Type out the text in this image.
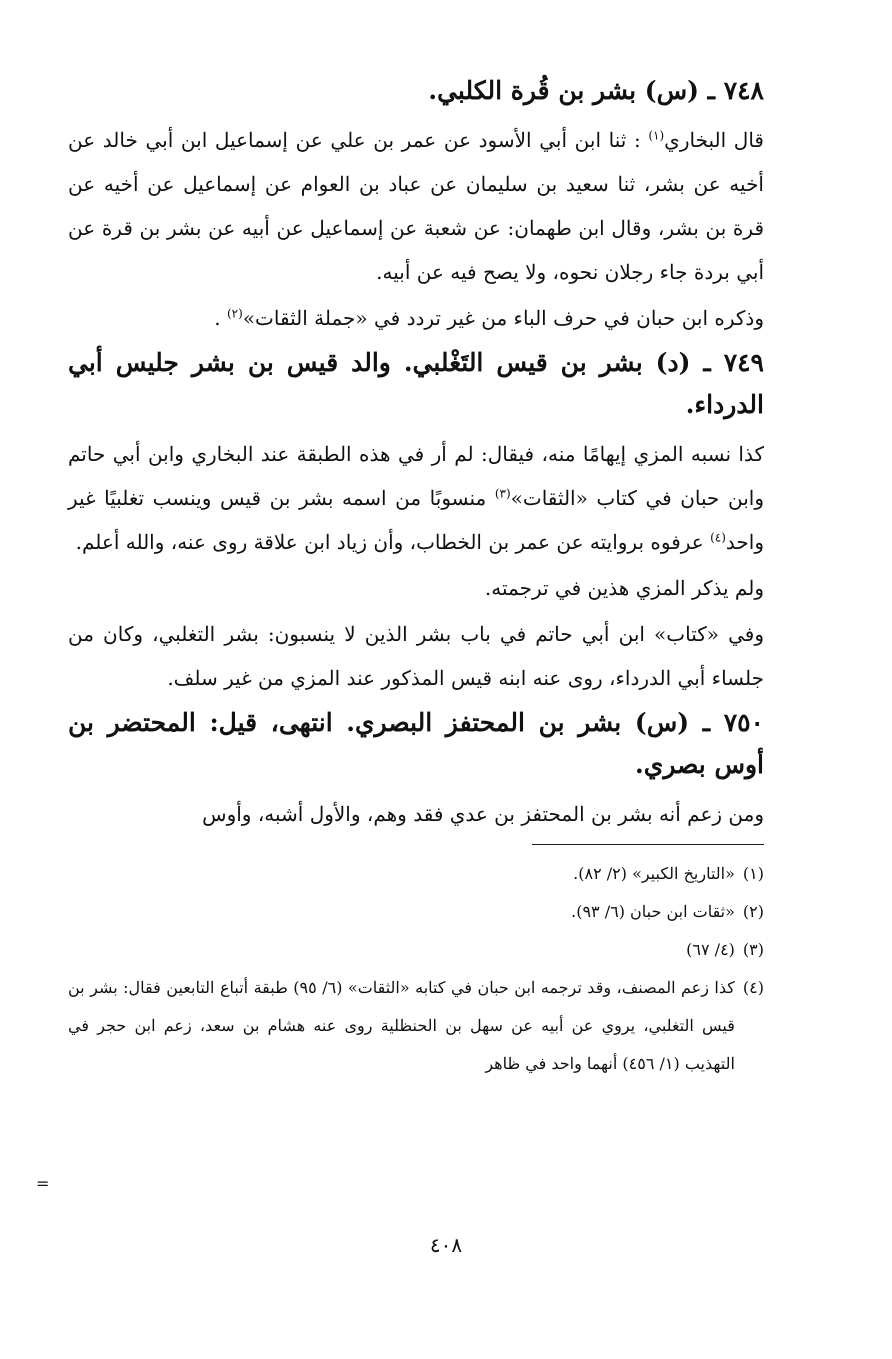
٧٤٨ ـ (س) بشر بن قُرة الكلبي.

قال البخاري$^{(١)}$ : ثنا ابن أبي الأسود عن عمر بن علي عن إسماعيل ابن أبي خالد عن أخيه عن بشر، ثنا سعيد بن سليمان عن عباد بن العوام عن إسماعيل عن أخيه عن قرة بن بشر، وقال ابن طهمان: عن شعبة عن إسماعيل عن أبيه عن بشر بن قرة عن أبي بردة جاء رجلان نحوه، ولا يصح فيه عن أبيه.

وذكره ابن حبان في حرف الباء من غير تردد في «جملة الثقات»$^{(٢)}$ .

٧٤٩ ـ (د) بشر بن قيس التَغْلبي. والد قيس بن بشر جليس أبي الدرداء.

كذا نسبه المزي إيهامًا منه، فيقال: لم أر في هذه الطبقة عند البخاري وابن أبي حاتم وابن حبان في كتاب «الثقات»$^{(٣)}$ منسوبًا من اسمه بشر بن قيس وينسب تغلبيًا غير واحد$^{(٤)}$ عرفوه بروايته عن عمر بن الخطاب، وأن زياد ابن علاقة روى عنه، والله أعلم.

ولم يذكر المزي هذين في ترجمته.

وفي «كتاب» ابن أبي حاتم في باب بشر الذين لا ينسبون: بشر التغلبي، وكان من جلساء أبي الدرداء، روى عنه ابنه قيس المذكور عند المزي من غير سلف.

٧٥٠ ـ (س) بشر بن المحتفز البصري. انتهى، قيل: المحتضر بن أوس بصري.

ومن زعم أنه بشر بن المحتفز بن عدي فقد وهم، والأول أشبه، وأوس

(١)
«التاريخ الكبير» (٢/ ٨٢).
(٢)
«ثقات ابن حبان (٦/ ٩٣).
(٣)
(٤/ ٦٧)
(٤)
كذا زعم المصنف، وقد ترجمه ابن حبان في كتابه «الثقات» (٦/ ٩٥) طبقة أتباع التابعين فقال: بشر بن قيس التغلبي، يروي عن أبيه عن سهل بن الحنظلية روى عنه هشام بن سعد، زعم ابن حجر في التهذيب (١/ ٤٥٦) أنهما واحد في ظاهر
=
٤٠٨
